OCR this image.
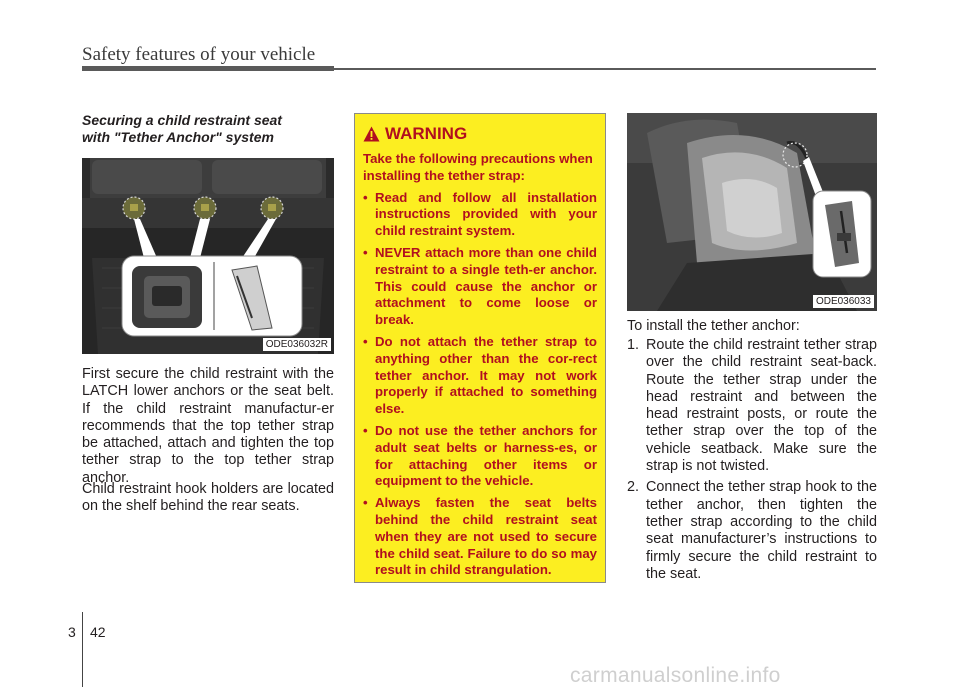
Safety features of your vehicle
Securing a child restraint seat
with "Tether Anchor" system
ODE036032R

First secure the child restraint with the LATCH lower anchors or the seat belt. If the child restraint manufactur-er recommends that the top tether strap be attached, attach and tighten the top tether strap to the top tether strap anchor.

Child restraint hook holders are located on the shelf behind the rear seats.

WARNING

Take the following precautions when installing the tether strap:

• Read and follow all installation instructions provided with your child restraint system.
• NEVER attach more than one child restraint to a single teth-er anchor. This could cause the anchor or attachment to come loose or break.
• Do not attach the tether strap to anything other than the cor-rect tether anchor. It may not work properly if attached to something else.
• Do not use the tether anchors for adult seat belts or harness-es, or for attaching other items or equipment to the vehicle.
• Always fasten the seat belts behind the child restraint seat when they are not used to secure the child seat. Failure to do so may result in child strangulation.
ODE036033

To install the tether anchor:

1. Route the child restraint tether strap over the child restraint seat-back. Route the tether strap under the head restraint and between the head restraint posts, or route the tether strap over the top of the vehicle seatback. Make sure the strap is not twisted.
2. Connect the tether strap hook to the tether anchor, then tighten the tether strap according to the child seat manufacturer’s instructions to firmly secure the child restraint to the seat.
3 42
carmanualsonline.info
